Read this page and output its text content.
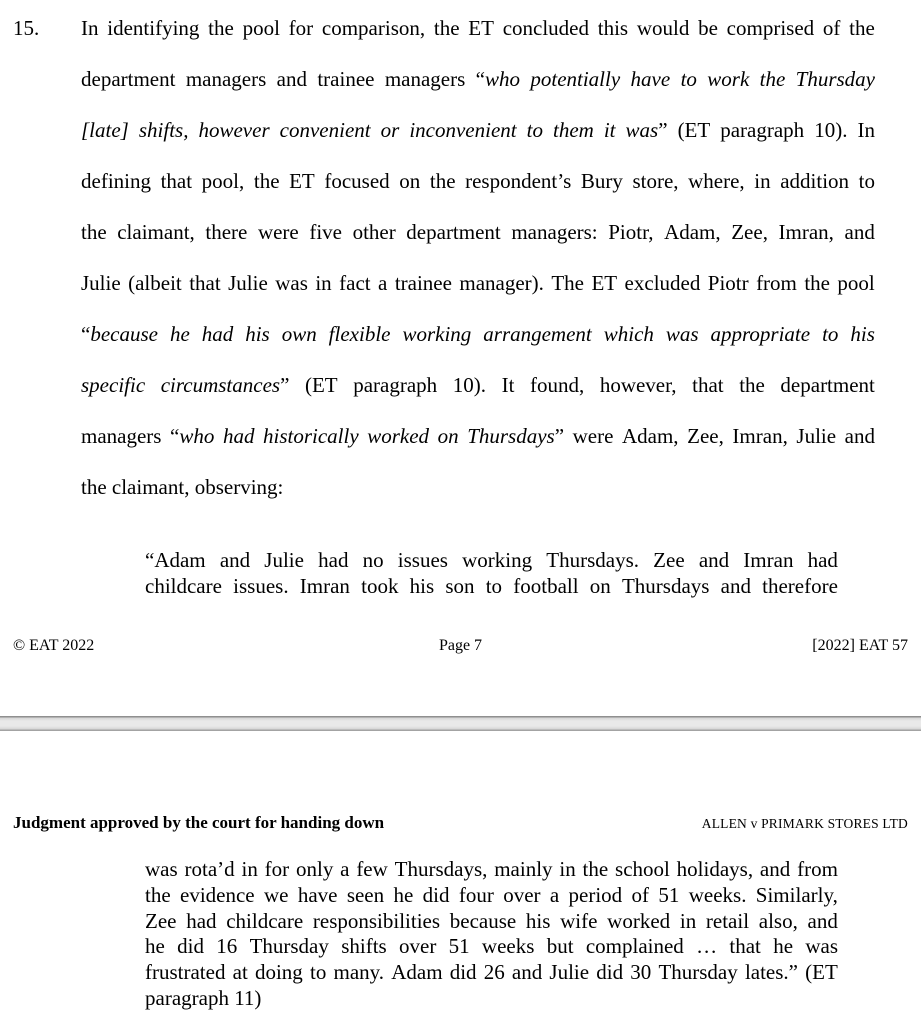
15. In identifying the pool for comparison, the ET concluded this would be comprised of the
department managers and trainee managers “who potentially have to work the Thursday
[late] shifts, however convenient or inconvenient to them it was” (ET paragraph 10). In
defining that pool, the ET focused on the respondent’s Bury store, where, in addition to
the claimant, there were five other department managers: Piotr, Adam, Zee, Imran, and
Julie (albeit that Julie was in fact a trainee manager). The ET excluded Piotr from the pool
“because he had his own flexible working arrangement which was appropriate to his
specific circumstances” (ET paragraph 10). It found, however, that the department
managers “who had historically worked on Thursdays” were Adam, Zee, Imran, Julie and
the claimant, observing:
“Adam and Julie had no issues working Thursdays. Zee and Imran had
childcare issues. Imran took his son to football on Thursdays and therefore
Page 7
© EAT 2022	[2022] EAT 57
Judgment approved by the court for handing down	ALLEN v PRIMARK STORES LTD
was rota’d in for only a few Thursdays, mainly in the school holidays, and from
the evidence we have seen he did four over a period of 51 weeks. Similarly,
Zee had childcare responsibilities because his wife worked in retail also, and
he did 16 Thursday shifts over 51 weeks but complained … that he was
frustrated at doing to many. Adam did 26 and Julie did 30 Thursday lates.” (ET
paragraph 11)
